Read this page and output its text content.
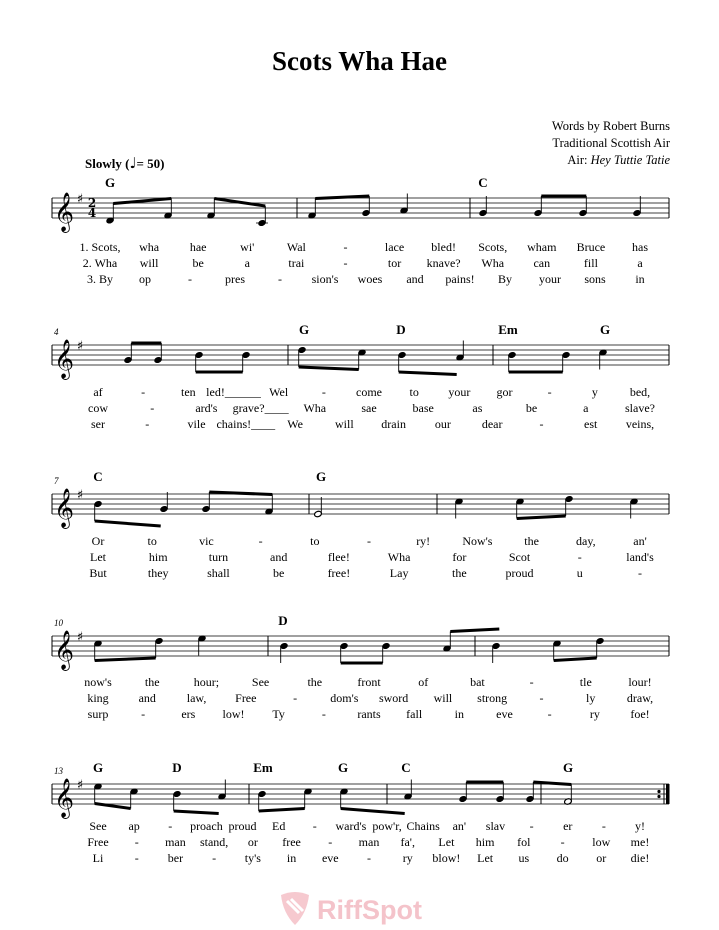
Scots Wha Hae
Words by Robert Burns
Traditional Scottish Air
Air: Hey Tuttie Tatie
Slowly (♩= 50)
𝄞 ♯ 2
4
G	C
1. Scots, wha	hae	wi'	Wal	-	lace bled! Scots, wham Bruce has
2. Wha will	be	a	trai	-	tor knave? Wha can	fill	a
3. By op	-	pres	- sion's woes and pains! By your sons in
𝄞 ♯
4	G	D	Em	G
af	-	ten led!______ Wel	-	come to your gor	-	y	bed,
cow	-	ard's grave?____ Wha	sae	base	as	be	a	slave?
ser	-	vile chains!____ We	will drain our	dear	-	est veins,
𝄞 ♯
7	C	G
Or	to	vic	-	to	-	ry!	Now's	the	day,	an'
Let	him	turn	and	flee!	Wha	for	Scot	-	land's
But	they	shall	be	free!	Lay	the	proud	u	-
𝄞 ♯
10	D
now's	the	hour;	See	the	front	of	bat	-	tle	lour!
king and	law, Free	-	dom's sword will strong	-	ly	draw,
surp	-	ers low! Ty	-	rants fall	in	eve	-	ry	foe!
𝄞 ♯
13 G	D	Em	G	C	G
See ap - proach proud Ed - ward's pow'r, Chains an' slav - er - y!
Free - man stand, or free - man fa', Let him fol	- low me!
Li	- ber - ty's in eve -	ry blow! Let us do or die!
RiffSpot
